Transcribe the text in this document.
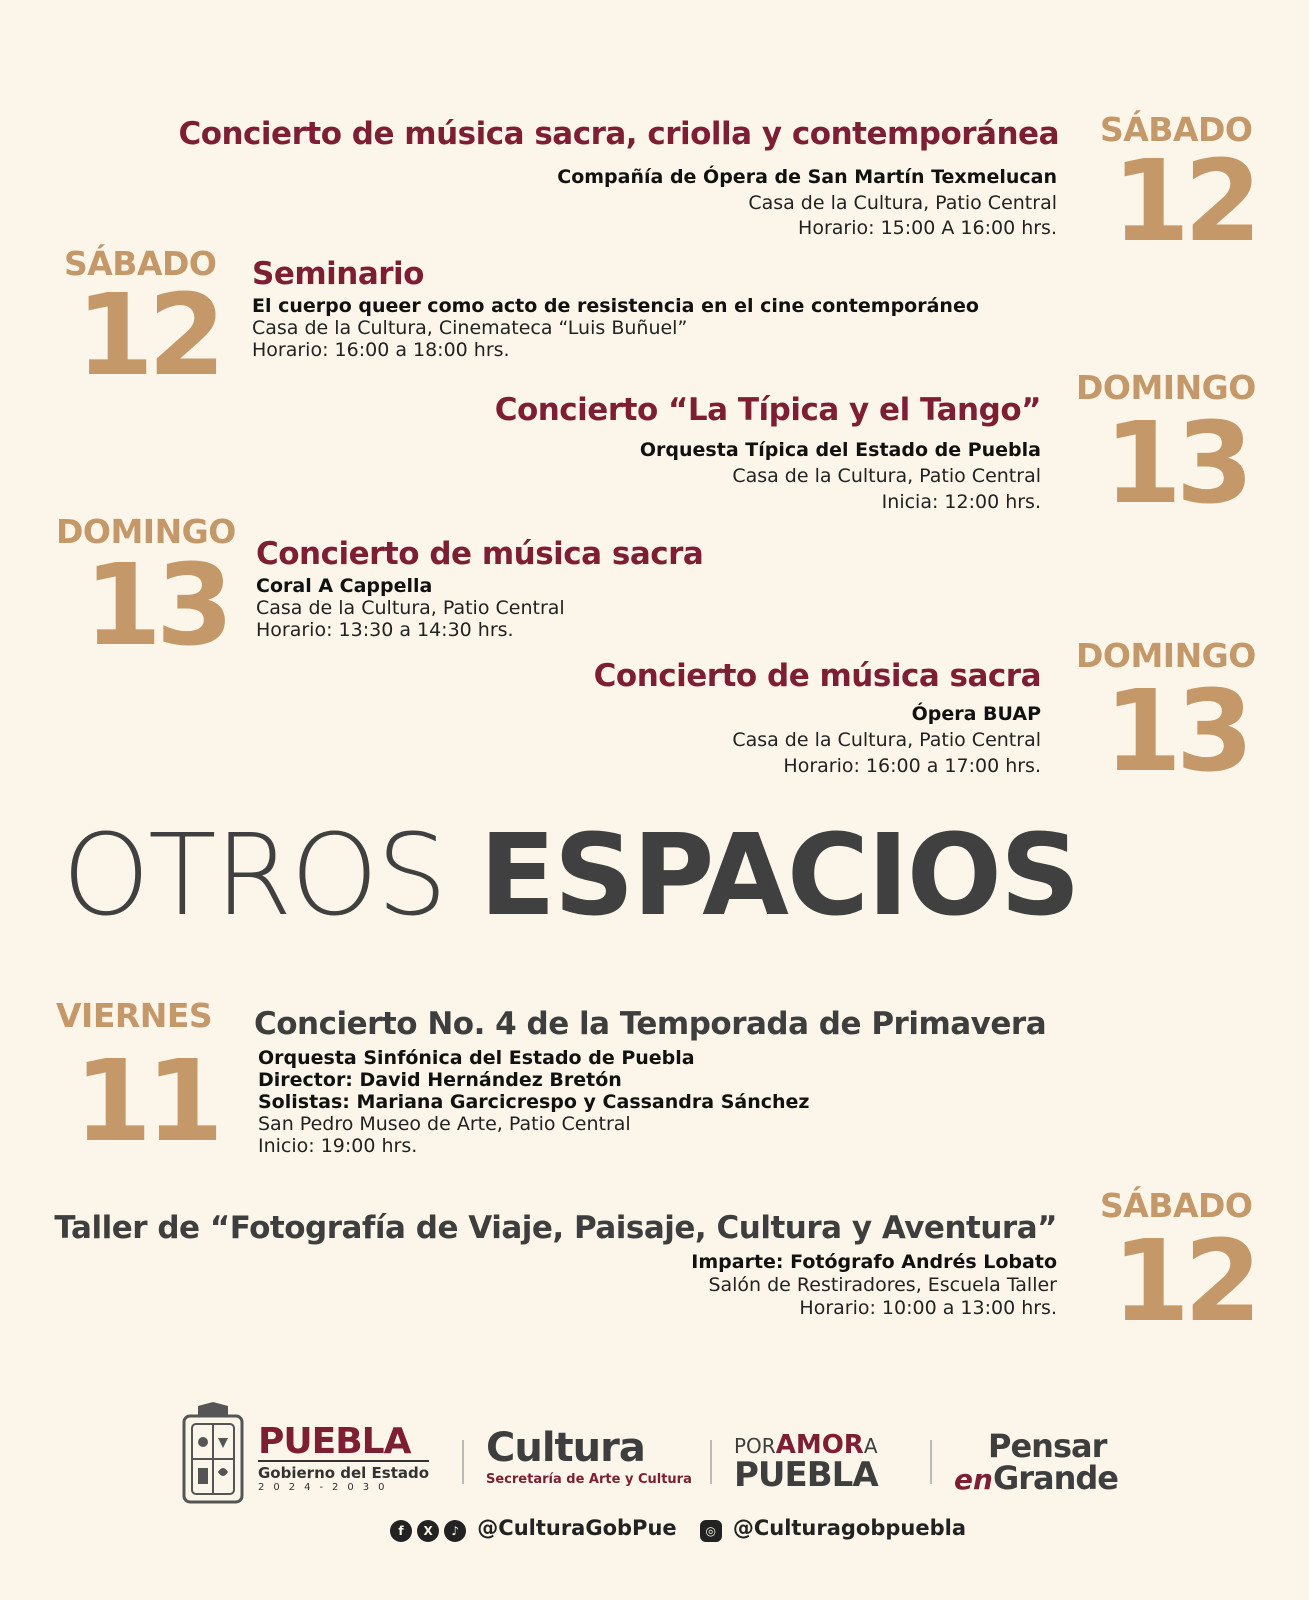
Concierto de música sacra, criolla y contemporánea
Compañía de Ópera de San Martín Texmelucan
Casa de la Cultura, Patio Central
Horario: 15:00 A 16:00 hrs.
SÁBADO
12
SÁBADO
12 Seminario
El cuerpo queer como acto de resistencia en el cine contemporáneo
Casa de la Cultura, Cinemateca “Luis Buñuel”
Horario: 16:00 a 18:00 hrs.
Concierto “La Típica y el Tango”
Orquesta Típica del Estado de Puebla
Casa de la Cultura, Patio Central
Inicia: 12:00 hrs.
DOMINGO
13
DOMINGO
13 Concierto de música sacra
Coral A Cappella
Casa de la Cultura, Patio Central
Horario: 13:30 a 14:30 hrs.
Concierto de música sacra
Ópera BUAP
Casa de la Cultura, Patio Central
Horario: 16:00 a 17:00 hrs.
DOMINGO
13
OTROS ESPACIOS
VIERNES
11
Concierto No. 4 de la Temporada de Primavera
Orquesta Sinfónica del Estado de Puebla
Director: David Hernández Bretón
Solistas: Mariana Garcicrespo y Cassandra Sánchez
San Pedro Museo de Arte, Patio Central
Inicio: 19:00 hrs.
Taller de “Fotografía de Viaje, Paisaje, Cultura y Aventura”
Imparte: Fotógrafo Andrés Lobato
Salón de Restiradores, Escuela Taller
Horario: 10:00 a 13:00 hrs.
SÁBADO
12
PUEBLA
Gobierno del Estado
2024-2030
Cultura
Secretaría de Arte y Cultura
PORAMORA
PUEBLA
Pensar
enGrande
f X ♪ @CulturaGobPue ◎ @Culturagobpuebla
